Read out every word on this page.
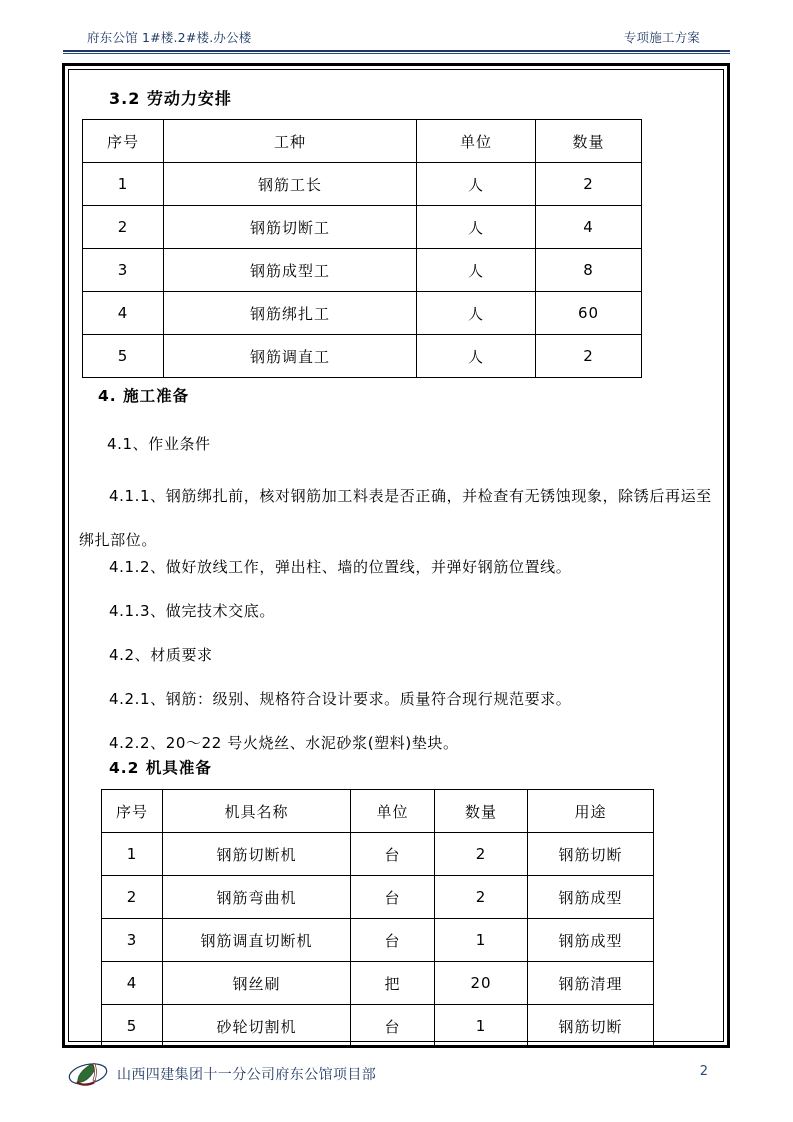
府东公馆 1#楼.2#楼.办公楼	专项施工方案
3.2 劳动力安排
序号	工种	单位	数量
1	钢筋工长	人	2
2	钢筋切断工	人	4
3	钢筋成型工	人	8
4	钢筋绑扎工	人	60
5	钢筋调直工	人	2
4. 施工准备
4.1、作业条件
4.1.1、钢筋绑扎前，核对钢筋加工料表是否正确，并检查有无锈蚀现象，除锈后再运至绑扎部位。
4.1.2、做好放线工作，弹出柱、墙的位置线，并弹好钢筋位置线。
4.1.3、做完技术交底。
4.2、材质要求
4.2.1、钢筋：级别、规格符合设计要求。质量符合现行规范要求。
4.2.2、20～22 号火烧丝、水泥砂浆(塑料)垫块。
4.2 机具准备
序号	机具名称	单位	数量	用途
1	钢筋切断机	台	2	钢筋切断
2	钢筋弯曲机	台	2	钢筋成型
3	钢筋调直切断机	台	1	钢筋成型
4	钢丝刷	把	20	钢筋清理
5	砂轮切割机	台	1	钢筋切断
山西四建集团十一分公司府东公馆项目部	2
